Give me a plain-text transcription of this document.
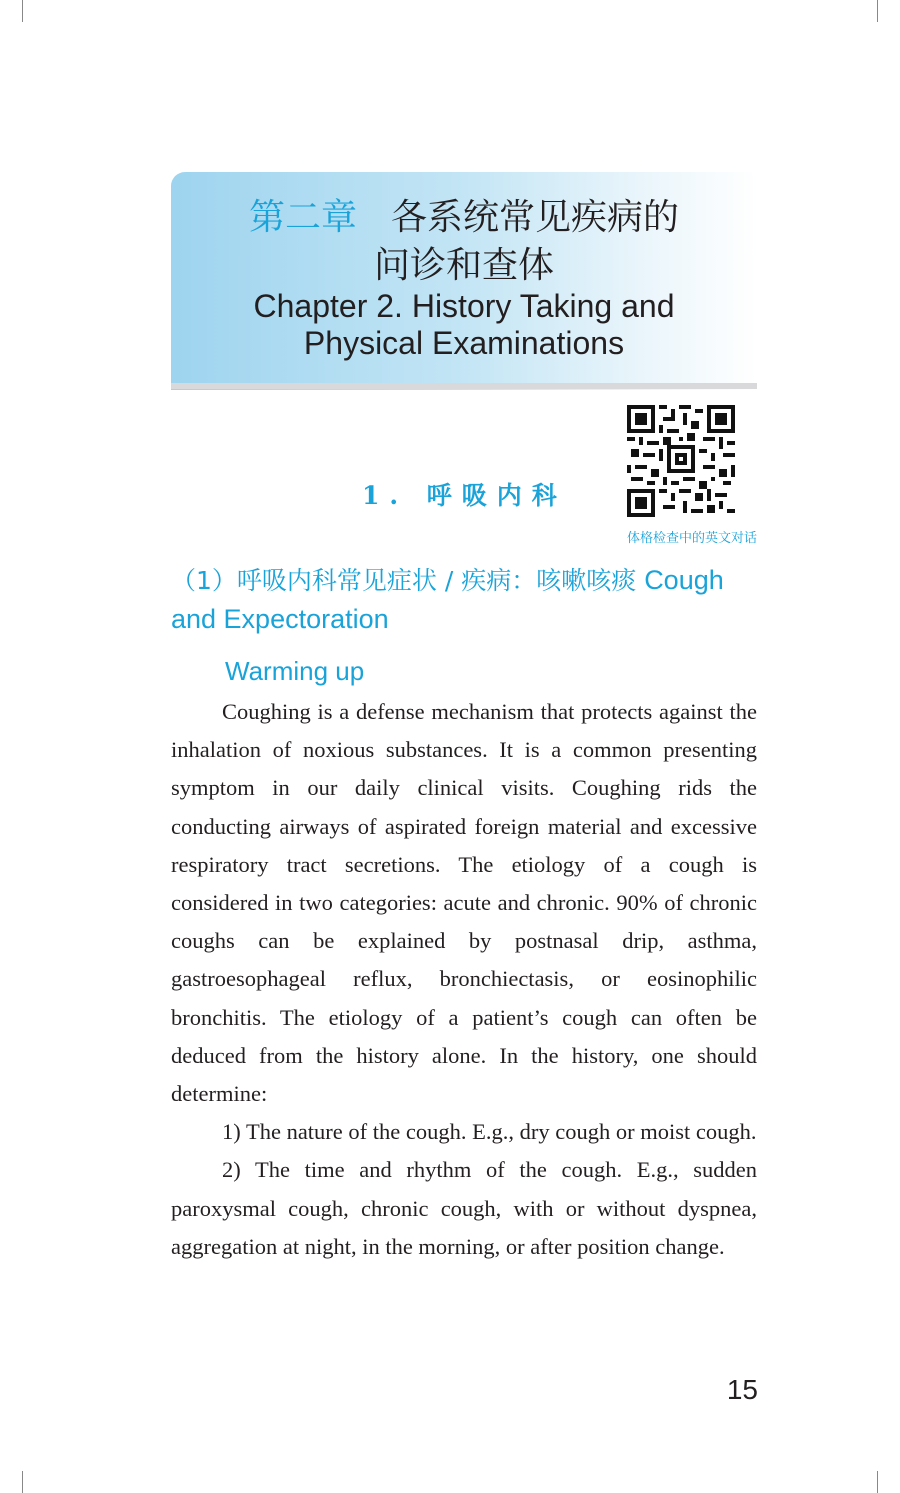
第二章 各系统常见疾病的
问诊和查体
Chapter 2. History Taking and
Physical Examinations
体格检查中的英文对话
1. 呼吸内科
（1）呼吸内科常见症状 / 疾病：咳嗽咳痰 Cough and Expectoration
Warming up

Coughing is a defense mechanism that protects against the inhalation of noxious substances. It is a common presenting symptom in our daily clinical visits. Coughing rids the conducting airways of aspirated foreign material and excessive respiratory tract secretions. The etiology of a cough is considered in two categories: acute and chronic. 90% of chronic coughs can be explained by postnasal drip, asthma, gastroesophageal reflux, bronchiectasis, or eosinophilic bronchitis. The etiology of a patient’s cough can often be deduced from the history alone. In the history, one should determine:

1) The nature of the cough. E.g., dry cough or moist cough.

2) The time and rhythm of the cough. E.g., sudden paroxysmal cough, chronic cough, with or without dyspnea, aggregation at night, in the morning, or after position change.

15
